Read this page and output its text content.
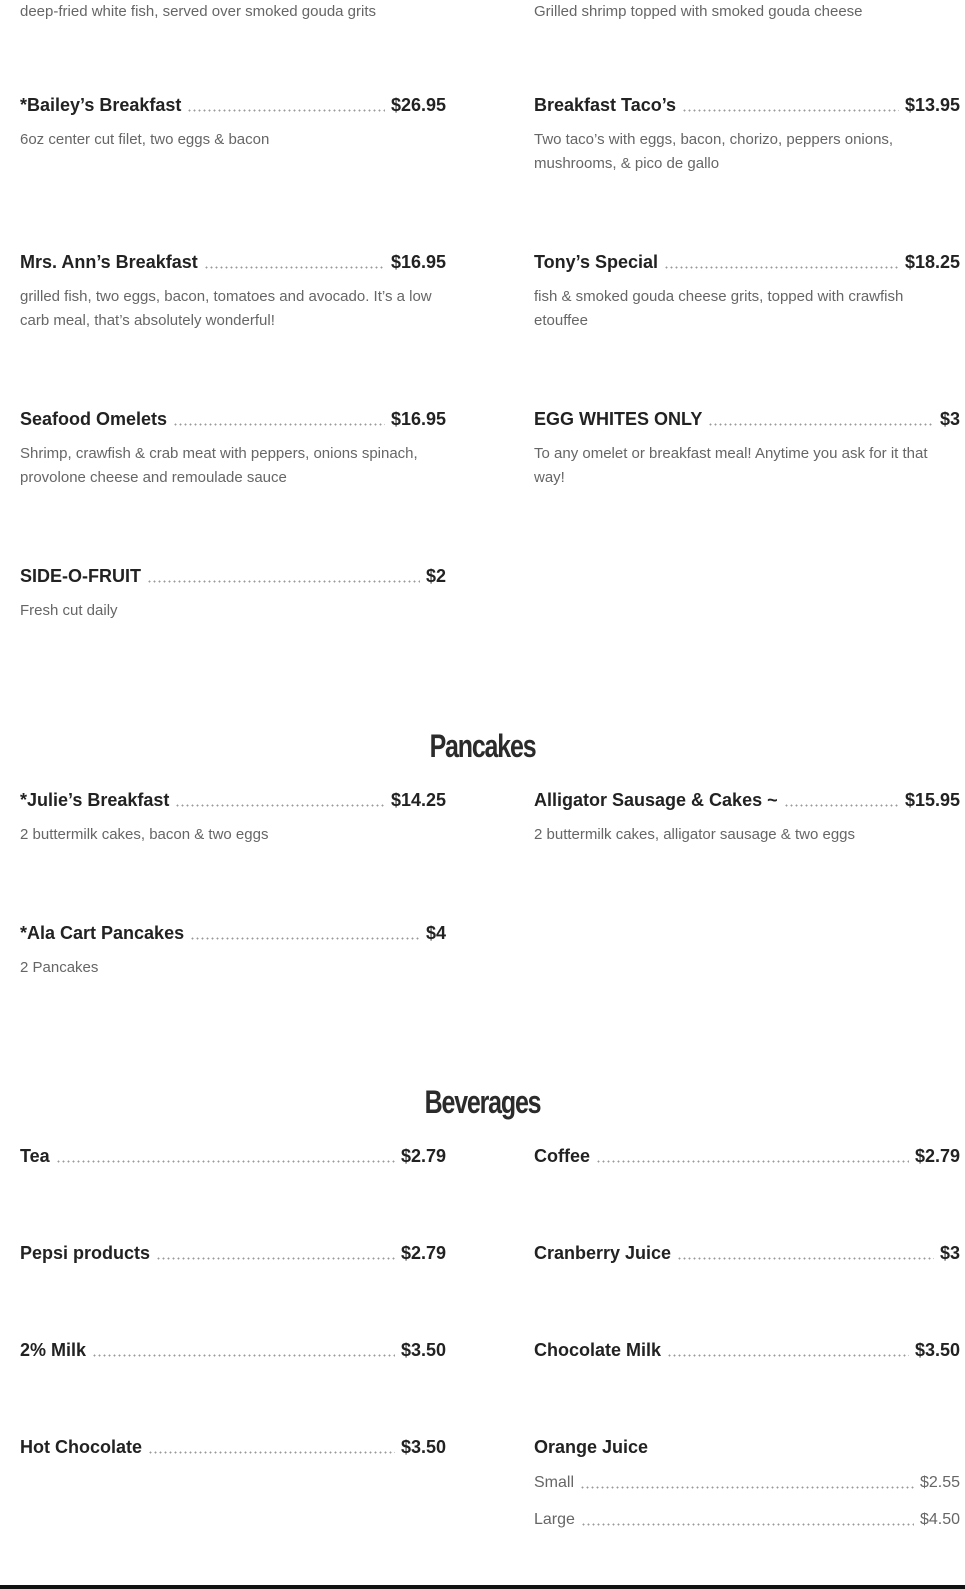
deep-fried white fish, served over smoked gouda grits	Grilled shrimp topped with smoked gouda cheese
*Bailey’s Breakfast	$26.95
6oz center cut filet, two eggs & bacon
Breakfast Taco’s	$13.95
Two taco’s with eggs, bacon, chorizo, peppers onions, mushrooms, & pico de gallo
Mrs. Ann’s Breakfast	$16.95
grilled fish, two eggs, bacon, tomatoes and avocado. It’s a low carb meal, that’s absolutely wonderful!
Tony’s Special	$18.25
fish & smoked gouda cheese grits, topped with crawfish etouffee
Seafood Omelets	$16.95
Shrimp, crawfish & crab meat with peppers, onions spinach, provolone cheese and remoulade sauce
EGG WHITES ONLY	$3
To any omelet or breakfast meal! Anytime you ask for it that way!
SIDE-O-FRUIT	$2
Fresh cut daily
Pancakes
*Julie’s Breakfast	$14.25
2 buttermilk cakes, bacon & two eggs
Alligator Sausage & Cakes ~	$15.95
2 buttermilk cakes, alligator sausage & two eggs
*Ala Cart Pancakes	$4
2 Pancakes
Beverages
Tea	$2.79	Coffee	$2.79
Pepsi products	$2.79	Cranberry Juice	$3
2% Milk	$3.50	Chocolate Milk	$3.50
Hot Chocolate	$3.50	Orange Juice
Small	$2.55
Large	$4.50
